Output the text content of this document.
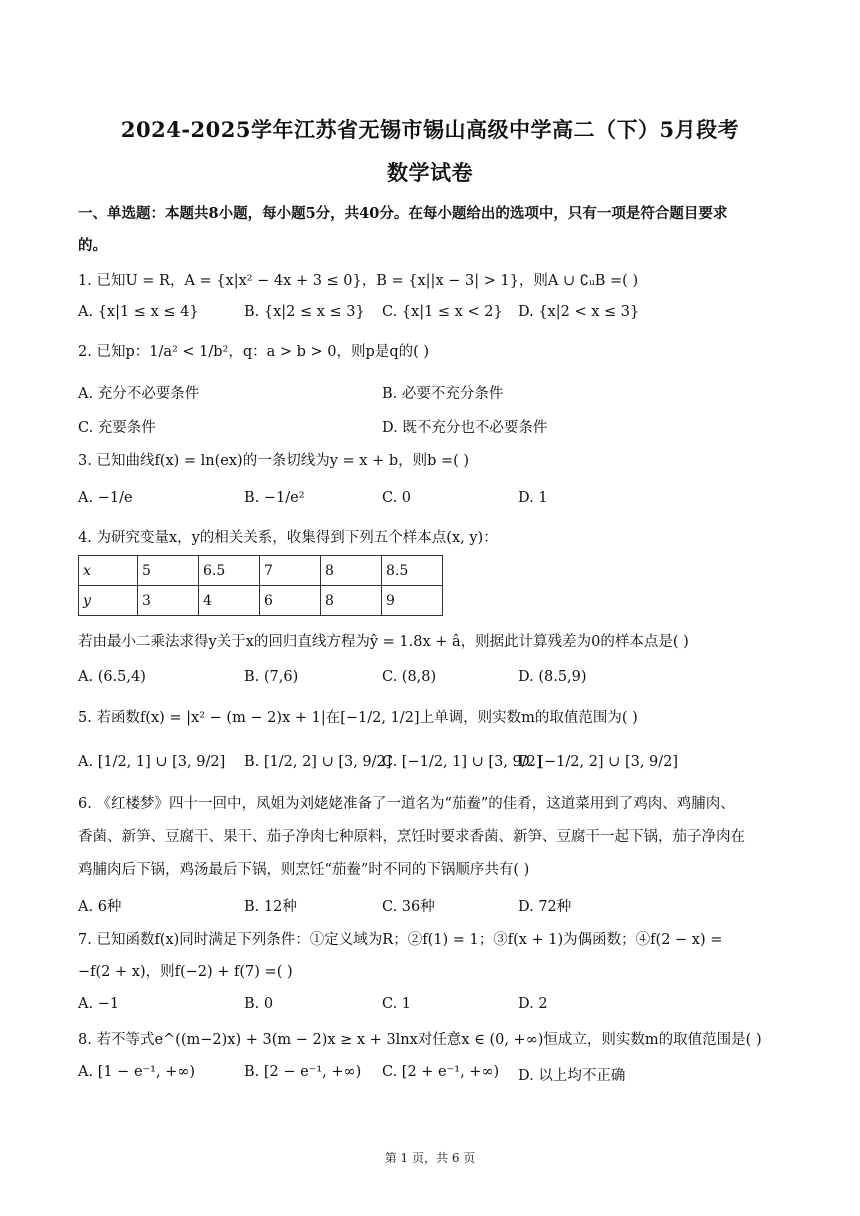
2024-2025学年江苏省无锡市锡山高级中学高二（下）5月段考
数学试卷
一、单选题：本题共8小题，每小题5分，共40分。在每小题给出的选项中，只有一项是符合题目要求
的。
1. 已知U = R，A = {x|x² − 4x + 3 ≤ 0}，B = {x||x − 3| > 1}，则A ∪ ∁ᵤB =( )
A. {x|1 ≤ x ≤ 4}	B. {x|2 ≤ x ≤ 3} C. {x|1 ≤ x < 2} D. {x|2 < x ≤ 3}
2. 已知p：1/a² < 1/b²，q：a > b > 0，则p是q的( )
A. 充分不必要条件	B. 必要不充分条件
C. 充要条件	D. 既不充分也不必要条件
3. 已知曲线f(x) = ln(ex)的一条切线为y = x + b，则b =( )
A. −1/e	B. −1/e²	C. 0	D. 1
4. 为研究变量x，y的相关关系，收集得到下列五个样本点(x, y)：
x	5	6.5	7	8	8.5
y	3	4	6	8	9
若由最小二乘法求得y关于x的回归直线方程为ŷ = 1.8x + â，则据此计算残差为0的样本点是( )
A. (6.5,4)	B. (7,6)	C. (8,8)	D. (8.5,9)
5. 若函数f(x) = |x² − (m − 2)x + 1|在[−1/2, 1/2]上单调，则实数m的取值范围为( )
A. [1/2, 1] ∪ [3, 9/2] B. [1/2, 2] ∪ [3, 9/2]
C. [−1/2, 1] ∪ [3, 9/2]
D. [−1/2, 2] ∪ [3, 9/2]
6. 《红楼梦》四十一回中，凤姐为刘姥姥准备了一道名为“茄鲞”的佳肴，这道菜用到了鸡肉、鸡脯肉、
香菌、新笋、豆腐干、果干、茄子净肉七种原料，烹饪时要求香菌、新笋、豆腐干一起下锅，茄子净肉在
鸡脯肉后下锅，鸡汤最后下锅，则烹饪“茄鲞”时不同的下锅顺序共有( )
A. 6种	B. 12种	C. 36种	D. 72种
7. 已知函数f(x)同时满足下列条件：①定义域为R；②f(1) = 1；③f(x + 1)为偶函数；④f(2 − x) =
−f(2 + x)，则f(−2) + f(7) =( )
A. −1	B. 0	C. 1	D. 2
8. 若不等式e^((m−2)x) + 3(m − 2)x ≥ x + 3lnx对任意x ∈ (0, +∞)恒成立，则实数m的取值范围是( )
A. [1 − e⁻¹, +∞)	B. [2 − e⁻¹, +∞) C. [2 + e⁻¹, +∞) D. 以上均不正确
第 1 页，共 6 页
